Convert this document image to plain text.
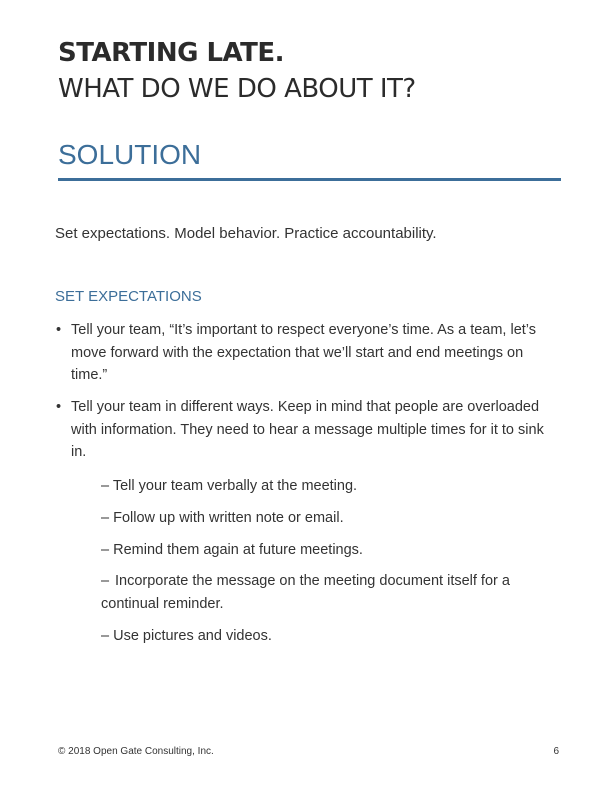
STARTING LATE.
WHAT DO WE DO ABOUT IT?
SOLUTION
Set expectations. Model behavior. Practice accountability.
SET EXPECTATIONS
• Tell your team, “It’s important to respect everyone’s time. As a team, let’s move forward with the expectation that we’ll start and end meetings on time.”
• Tell your team in different ways. Keep in mind that people are overloaded with information. They need to hear a message multiple times for it to sink in.
– Tell your team verbally at the meeting.
– Follow up with written note or email.
– Remind them again at future meetings.
– Incorporate the message on the meeting document itself for a continual reminder.
– Use pictures and videos.
© 2018 Open Gate Consulting, Inc.	6
